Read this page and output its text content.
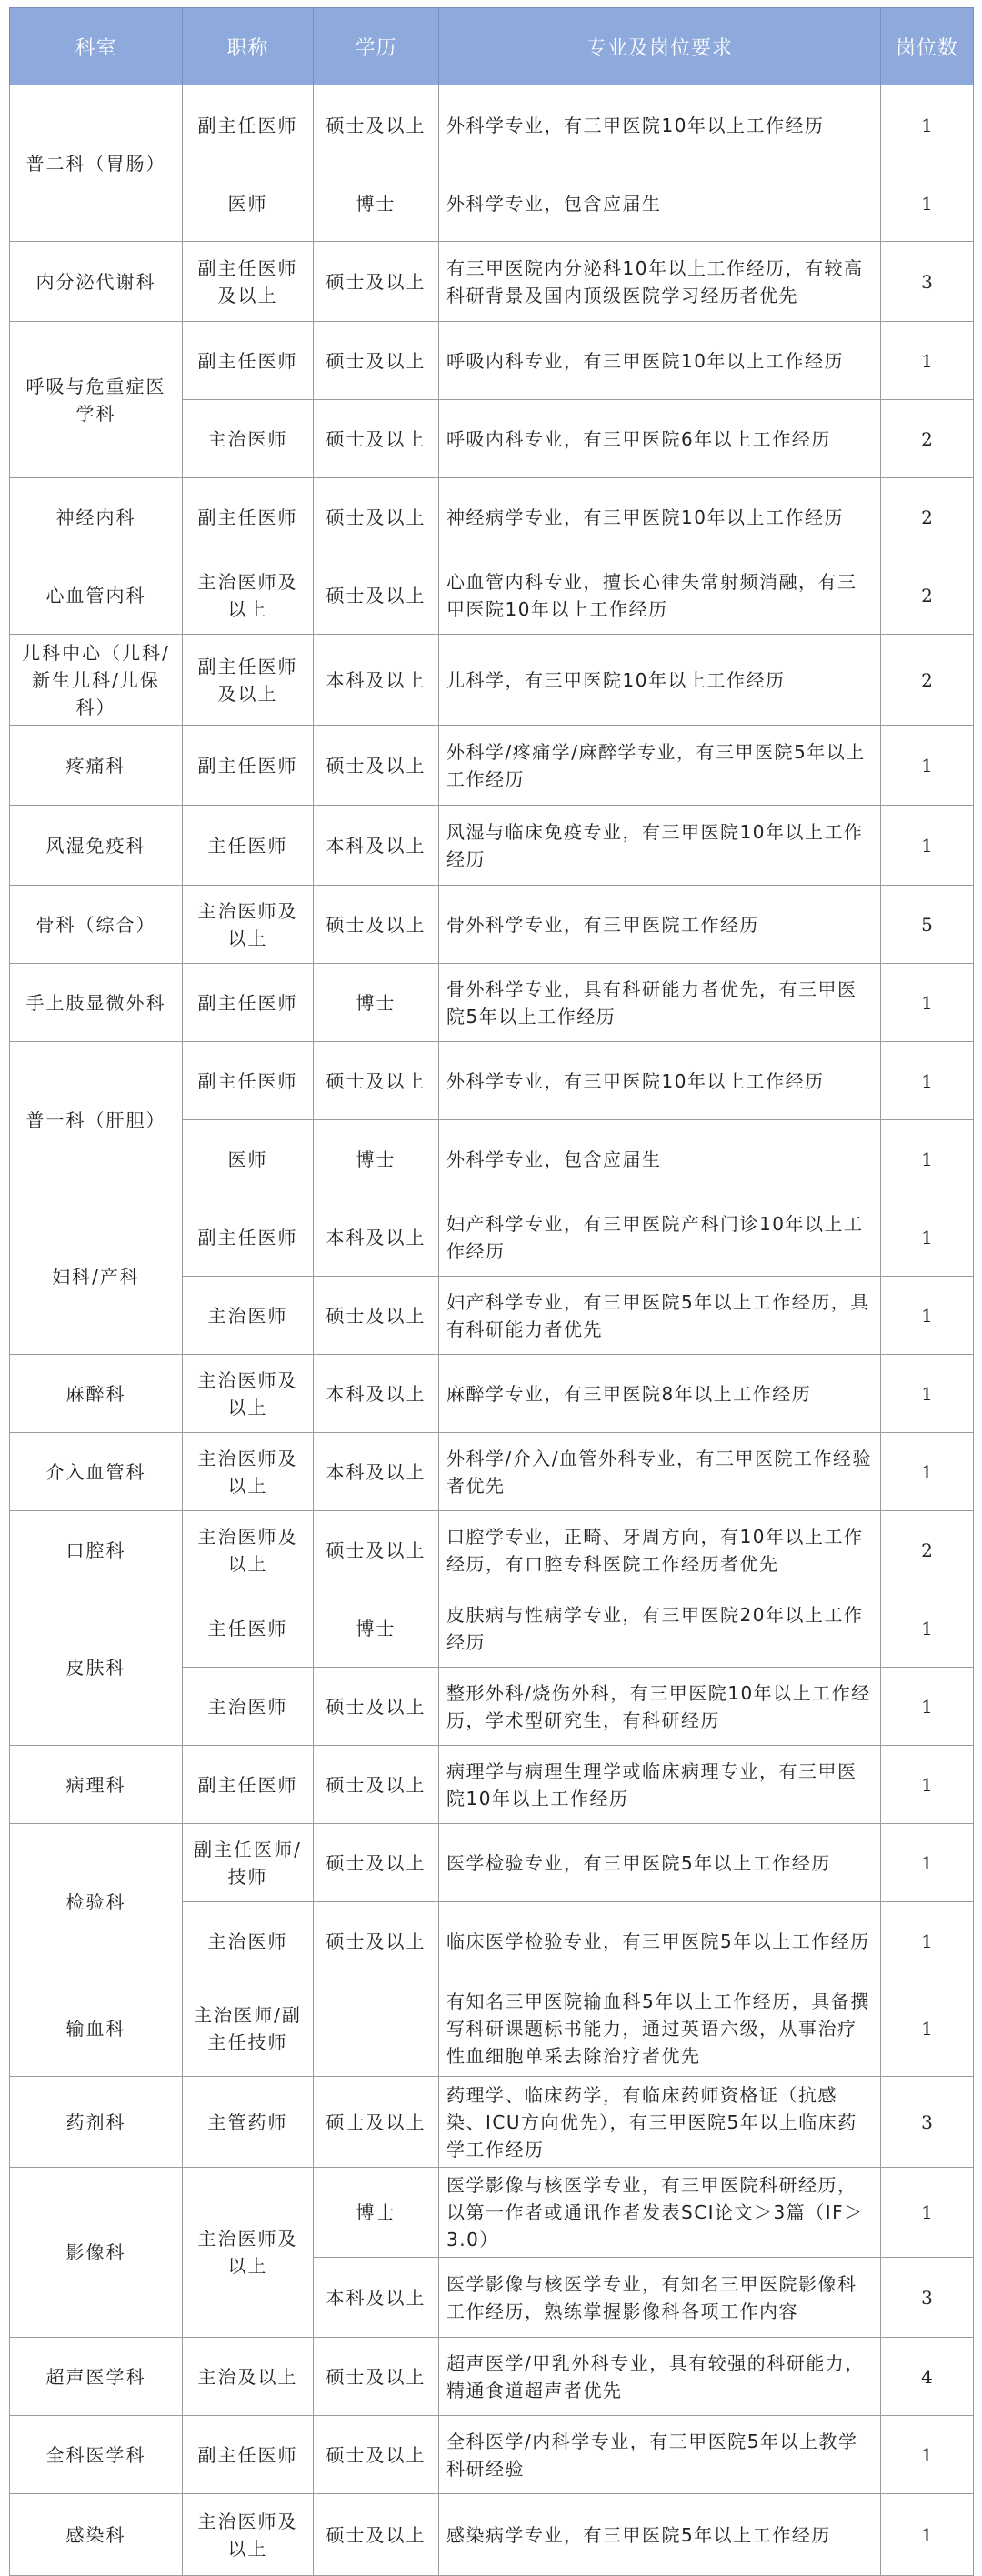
科室	职称	学历	专业及岗位要求	岗位数
普二科（胃肠）	副主任医师	硕士及以上	外科学专业，有三甲医院10年以上工作经历	1
	医师	博士	外科学专业，包含应届生	1
内分泌代谢科	副主任医师及以上	硕士及以上	有三甲医院内分泌科10年以上工作经历，有较高科研背景及国内顶级医院学习经历者优先	3
呼吸与危重症医学科	副主任医师	硕士及以上	呼吸内科专业，有三甲医院10年以上工作经历	1
	主治医师	硕士及以上	呼吸内科专业，有三甲医院6年以上工作经历	2
神经内科	副主任医师	硕士及以上	神经病学专业，有三甲医院10年以上工作经历	2
心血管内科	主治医师及以上	硕士及以上	心血管内科专业，擅长心律失常射频消融，有三甲医院10年以上工作经历	2
儿科中心（儿科/新生儿科/儿保科）	副主任医师及以上	本科及以上	儿科学，有三甲医院10年以上工作经历	2
疼痛科	副主任医师	硕士及以上	外科学/疼痛学/麻醉学专业，有三甲医院5年以上工作经历	1
风湿免疫科	主任医师	本科及以上	风湿与临床免疫专业，有三甲医院10年以上工作经历	1
骨科（综合）	主治医师及以上	硕士及以上	骨外科学专业，有三甲医院工作经历	5
手上肢显微外科	副主任医师	博士	骨外科学专业，具有科研能力者优先，有三甲医院5年以上工作经历	1
普一科（肝胆）	副主任医师	硕士及以上	外科学专业，有三甲医院10年以上工作经历	1
	医师	博士	外科学专业，包含应届生	1
妇科/产科	副主任医师	本科及以上	妇产科学专业，有三甲医院产科门诊10年以上工作经历	1
	主治医师	硕士及以上	妇产科学专业，有三甲医院5年以上工作经历，具有科研能力者优先	1
麻醉科	主治医师及以上	本科及以上	麻醉学专业，有三甲医院8年以上工作经历	1
介入血管科	主治医师及以上	本科及以上	外科学/介入/血管外科专业，有三甲医院工作经验者优先	1
口腔科	主治医师及以上	硕士及以上	口腔学专业，正畸、牙周方向，有10年以上工作经历，有口腔专科医院工作经历者优先	2
皮肤科	主任医师	博士	皮肤病与性病学专业，有三甲医院20年以上工作经历	1
	主治医师	硕士及以上	整形外科/烧伤外科，有三甲医院10年以上工作经历，学术型研究生，有科研经历	1
病理科	副主任医师	硕士及以上	病理学与病理生理学或临床病理专业，有三甲医院10年以上工作经历	1
检验科	副主任医师/技师	硕士及以上	医学检验专业，有三甲医院5年以上工作经历	1
	主治医师	硕士及以上	临床医学检验专业，有三甲医院5年以上工作经历	1
输血科	主治医师/副主任技师		有知名三甲医院输血科5年以上工作经历，具备撰写科研课题标书能力，通过英语六级，从事治疗性血细胞单采去除治疗者优先	1
药剂科	主管药师	硕士及以上	药理学、临床药学，有临床药师资格证（抗感染、ICU方向优先），有三甲医院5年以上临床药学工作经历	3
影像科	主治医师及以上	博士	医学影像与核医学专业，有三甲医院科研经历，以第一作者或通讯作者发表SCI论文＞3篇（IF＞3.0）	1
		本科及以上	医学影像与核医学专业，有知名三甲医院影像科工作经历，熟练掌握影像科各项工作内容	3
超声医学科	主治及以上	硕士及以上	超声医学/甲乳外科专业，具有较强的科研能力，精通食道超声者优先	4
全科医学科	副主任医师	硕士及以上	全科医学/内科学专业，有三甲医院5年以上教学科研经验	1
感染科	主治医师及以上	硕士及以上	感染病学专业，有三甲医院5年以上工作经历	1
